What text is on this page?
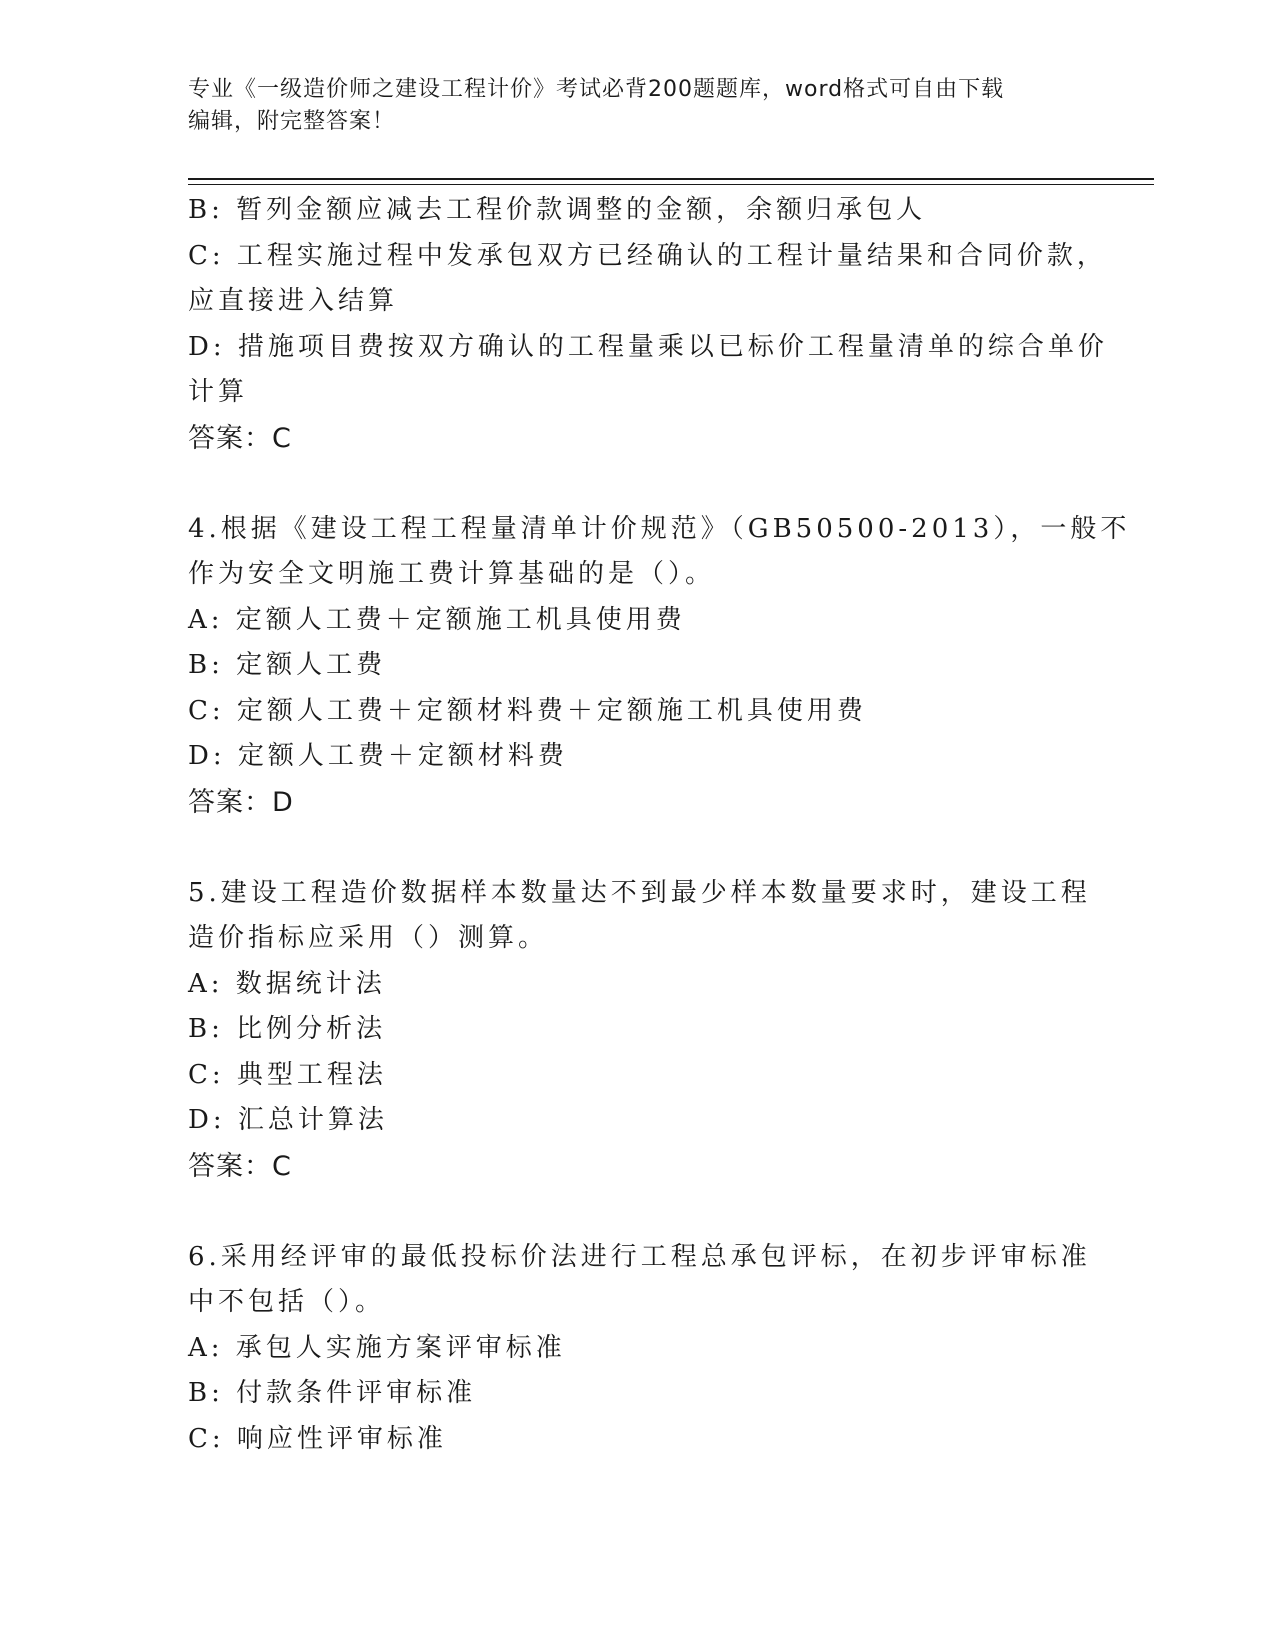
专业《一级造价师之建设工程计价》考试必背200题题库，word格式可自由下载
编辑，附完整答案！
B: 暂列金额应减去工程价款调整的金额，余额归承包人
C: 工程实施过程中发承包双方已经确认的工程计量结果和合同价款，
应直接进入结算
D: 措施项目费按双方确认的工程量乘以已标价工程量清单的综合单价
计算
答案：C
4.根据《建设工程工程量清单计价规范》（GB50500-2013），一般不
作为安全文明施工费计算基础的是（）。
A: 定额人工费＋定额施工机具使用费
B: 定额人工费
C: 定额人工费＋定额材料费＋定额施工机具使用费
D: 定额人工费＋定额材料费
答案：D
5.建设工程造价数据样本数量达不到最少样本数量要求时，建设工程
造价指标应采用（）测算。
A: 数据统计法
B: 比例分析法
C: 典型工程法
D: 汇总计算法
答案：C
6.采用经评审的最低投标价法进行工程总承包评标，在初步评审标准
中不包括（）。
A: 承包人实施方案评审标准
B: 付款条件评审标准
C: 响应性评审标准
